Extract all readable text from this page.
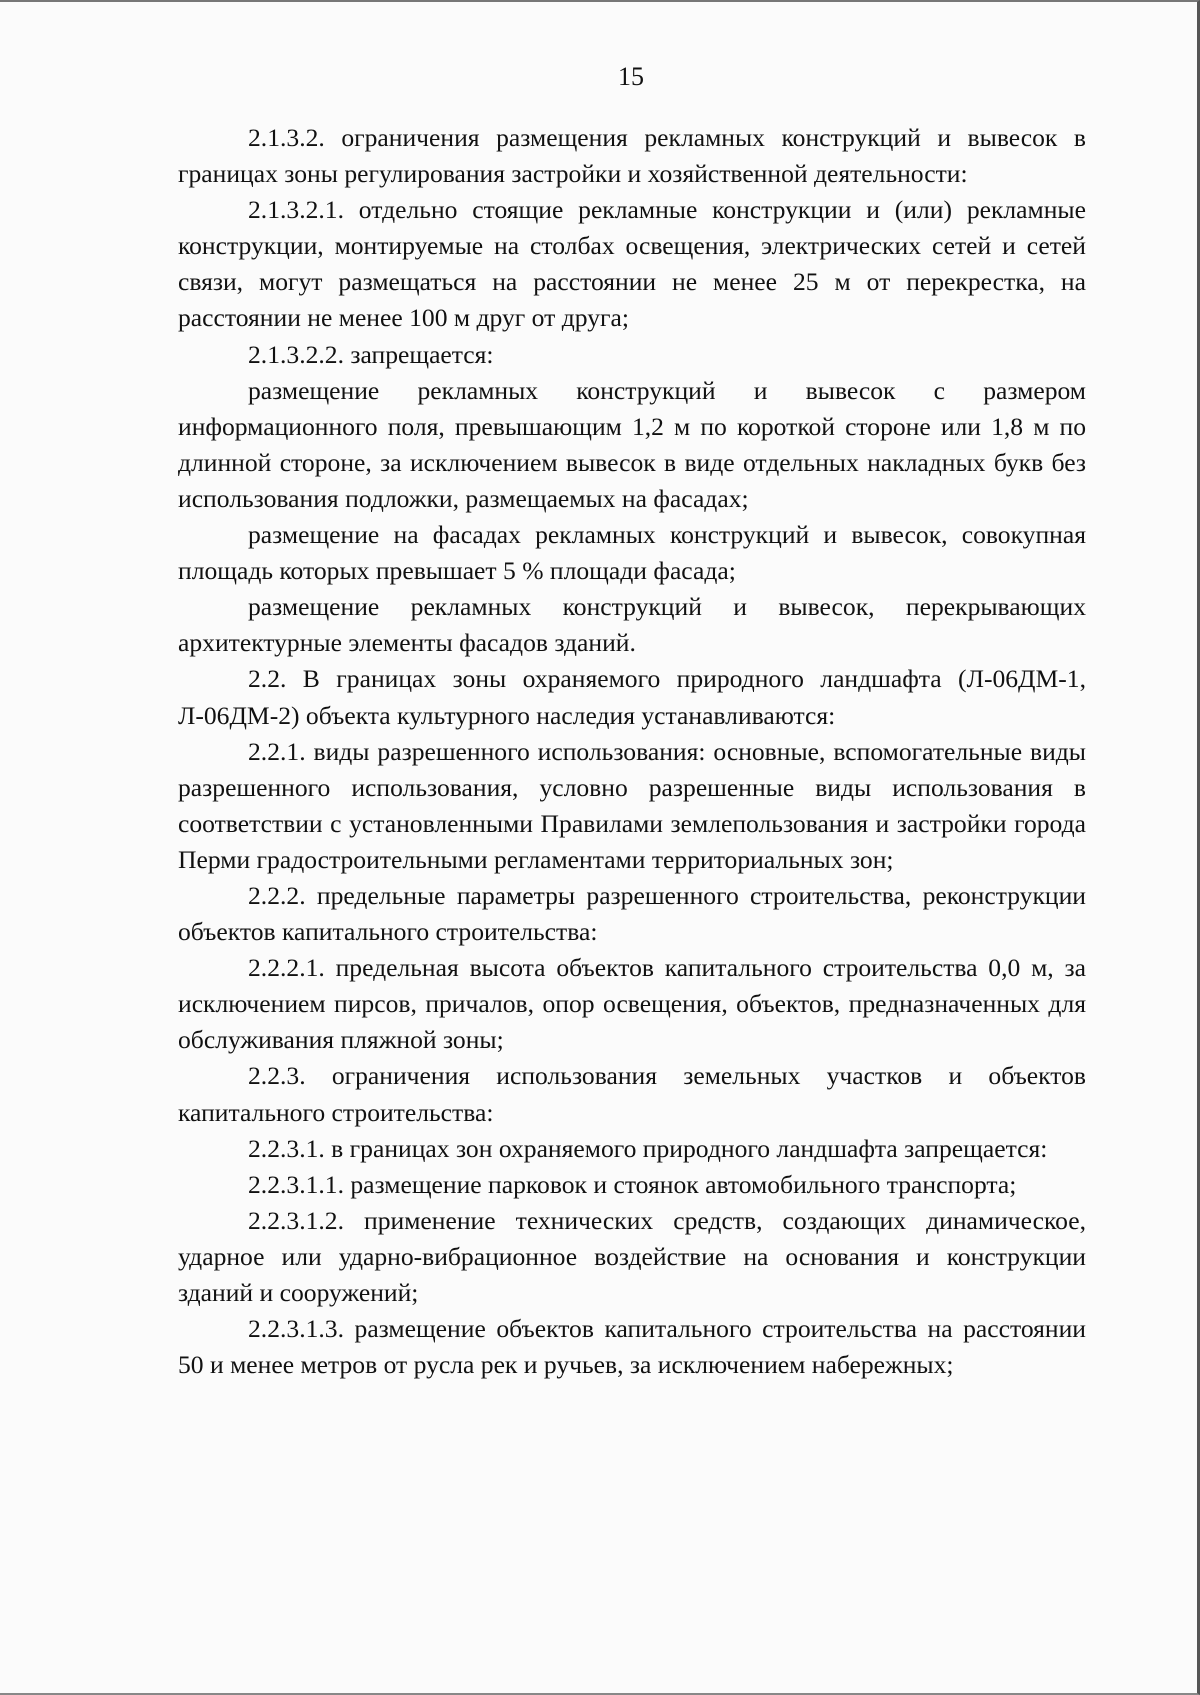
15

2.1.3.2. ограничения размещения рекламных конструкций и вывесок в границах зоны регулирования застройки и хозяйственной деятельности:

2.1.3.2.1. отдельно стоящие рекламные конструкции и (или) рекламные конструкции, монтируемые на столбах освещения, электрических сетей и сетей связи, могут размещаться на расстоянии не менее 25 м от перекрестка, на расстоянии не менее 100 м друг от друга;

2.1.3.2.2. запрещается:

размещение рекламных конструкций и вывесок с размером информационного поля, превышающим 1,2 м по короткой стороне или 1,8 м по длинной стороне, за исключением вывесок в виде отдельных накладных букв без использования подложки, размещаемых на фасадах;

размещение на фасадах рекламных конструкций и вывесок, совокупная площадь которых превышает 5 % площади фасада;

размещение рекламных конструкций и вывесок, перекрывающих архитектурные элементы фасадов зданий.

2.2. В границах зоны охраняемого природного ландшафта (Л-06ДМ-1, Л-06ДМ-2) объекта культурного наследия устанавливаются:

2.2.1. виды разрешенного использования: основные, вспомогательные виды разрешенного использования, условно разрешенные виды использования в соответствии с установленными Правилами землепользования и застройки города Перми градостроительными регламентами территориальных зон;

2.2.2. предельные параметры разрешенного строительства, реконструкции объектов капитального строительства:

2.2.2.1. предельная высота объектов капитального строительства 0,0 м, за исключением пирсов, причалов, опор освещения, объектов, предназначенных для обслуживания пляжной зоны;

2.2.3. ограничения использования земельных участков и объектов капитального строительства:

2.2.3.1. в границах зон охраняемого природного ландшафта запрещается:

2.2.3.1.1. размещение парковок и стоянок автомобильного транспорта;

2.2.3.1.2. применение технических средств, создающих динамическое, ударное или ударно-вибрационное воздействие на основания и конструкции зданий и сооружений;

2.2.3.1.3. размещение объектов капитального строительства на расстоянии 50 и менее метров от русла рек и ручьев, за исключением набережных;
